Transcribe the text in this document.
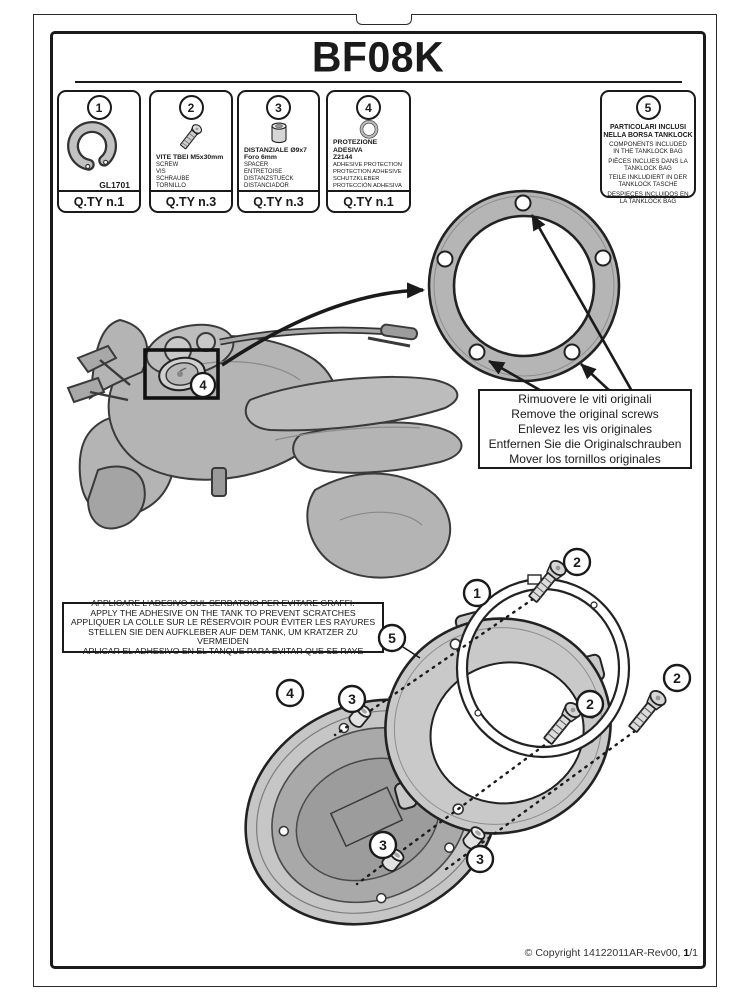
BF08K
1
GL1701
Q.TY n.1
2
VITE TBEI M5x30mm
SCREW
VIS
SCHRAUBE
TORNILLO
Q.TY n.3
3
DISTANZIALE Ø9x7
Foro 6mm
SPACER
ENTRETOISE
DISTANZSTUECK
DISTANCIADOR
Q.TY n.3
4
PROTEZIONE ADESIVA
Z2144
ADHESIVE PROTECTION
PROTECTION ADHESIVE
SCHUTZKLEBER
PROTECCIÓN ADHESIVA
Q.TY n.1
5
PARTICOLARI INCLUSI
NELLA BORSA TANKLOCK
COMPONENTS INCLUDED IN THE TANKLOCK BAG
PIÈCES INCLUES DANS LA TANKLOCK BAG
TEILE INKLUDIERT IN DER TANKLOCK TASCHE
DESPIECES INCLUIDOS EN LA TANKLOCK BAG
4
Rimuovere le viti originali
Remove the original screws
Enlevez les vis originales
Entfernen Sie die Originalschrauben
Mover los tornillos originales
APPLICARE L'ADESIVO SUL SERBATOIO PER EVITARE GRAFFI.
APPLY THE ADHESIVE ON THE TANK TO PREVENT SCRATCHES
APPLIQUER LA COLLE SUR LE RÉSERVOIR POUR ÉVITER LES RAYURES
STELLEN SIE DEN AUFKLEBER AUF DEM TANK, UM KRATZER ZU VERMEIDEN
APLICAR EL ADHESIVO EN EL TANQUE PARA EVITAR QUE SE RAYE
1
2
2
2
3
3
3
4
5
© Copyright 14122011AR-Rev00, 1/1
